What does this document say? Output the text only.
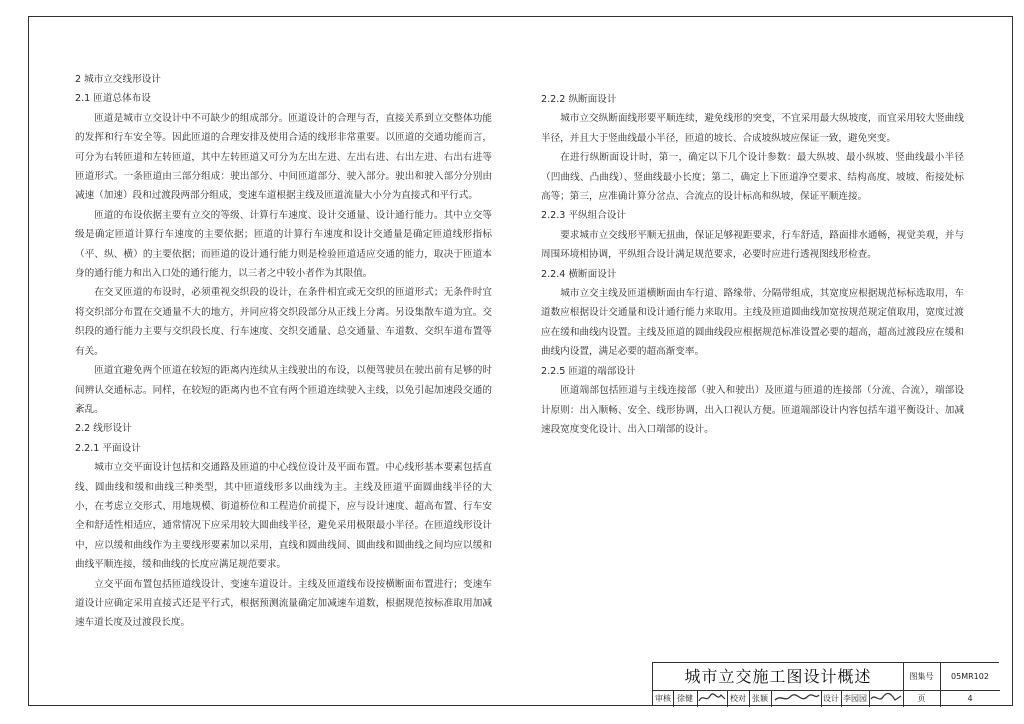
2 城市立交线形设计

2.1 匝道总体布设

匝道是城市立交设计中不可缺少的组成部分。匝道设计的合理与否，直接关系到立交整体功能的发挥和行车安全等。因此匝道的合理安排及使用合适的线形非常重要。以匝道的交通功能而言，可分为右转匝道和左转匝道，其中左转匝道又可分为左出左进、左出右进、右出左进、右出右进等匝道形式。一条匝道由三部分组成：驶出部分、中间匝道部分、驶入部分。驶出和驶入部分分别由减速（加速）段和过渡段两部分组成，变速车道根据主线及匝道流量大小分为直接式和平行式。

匝道的布设依据主要有立交的等级、计算行车速度、设计交通量、设计通行能力。其中立交等级是确定匝道计算行车速度的主要依据；匝道的计算行车速度和设计交通量是确定匝道线形指标（平、纵、横）的主要依据；而匝道的设计通行能力则是检验匝道适应交通的能力，取决于匝道本身的通行能力和出入口处的通行能力，以三者之中较小者作为其限值。

在交叉匝道的布设时，必须重视交织段的设计，在条件相宜或无交织的匝道形式；无条件时宜将交织部分布置在交通量不大的地方，并同应将交织段部分从正线上分离。另设集散车道为宜。交织段的通行能力主要与交织段长度、行车速度、交织交通量、总交通量、车道数、交织车道布置等有关。

匝道宜避免两个匝道在较短的距离内连续从主线驶出的布设，以便驾驶员在驶出前有足够的时间辨认交通标志。同样，在较短的距离内也不宜有两个匝道连续驶入主线，以免引起加速段交通的紊乱。

2.2 线形设计

2.2.1 平面设计

城市立交平面设计包括和交通路及匝道的中心线位设计及平面布置。中心线形基本要素包括直线、圆曲线和缓和曲线三种类型，其中匝道线形多以曲线为主。主线及匝道平面圆曲线半径的大小，在考虑立交形式、用地规模、街道桥位和工程造价前提下，应与设计速度、超高布置、行车安全和舒适性相适应，通常情况下应采用较大圆曲线半径，避免采用极限最小半径。在匝道线形设计中，应以缓和曲线作为主要线形要素加以采用，直线和圆曲线间、圆曲线和圆曲线之间均应以缓和曲线平顺连接，缓和曲线的长度应满足规范要求。

立交平面布置包括匝道线设计、变速车道设计。主线及匝道线布设按横断面布置进行；变速车道设计应确定采用直接式还是平行式，根据预测流量确定加减速车道数，根据规范按标准取用加减速车道长度及过渡段长度。

2.2.2 纵断面设计

城市立交纵断面线形要平顺连续，避免线形的突变，不宜采用最大纵坡度，而宜采用较大竖曲线半径，并且大于竖曲线最小半径，匝道的坡长、合成坡纵坡应保证一致，避免突变。

在进行纵断面设计时，第一，确定以下几个设计参数：最大纵坡、最小纵坡、竖曲线最小半径（凹曲线、凸曲线）、竖曲线最小长度；第二，确定上下匝道净空要求、结构高度、坡坡、衔接处标高等；第三，应准确计算分岔点、合流点的设计标高和纵坡，保证平顺连接。

2.2.3 平纵组合设计

要求城市立交线形平顺无扭曲，保证足够视距要求，行车舒适，路面排水通畅，视觉美观，并与周围环境相协调，平纵组合设计满足规范要求，必要时应进行透视图线形检查。

2.2.4 横断面设计

城市立交主线及匝道横断面由车行道、路缘带、分隔带组成，其宽度应根据规范标标选取用，车道数应根据设计交通量和设计通行能力来取用。主线及匝道圆曲线加宽按规范规定值取用，宽度过渡应在缓和曲线内设置。主线及匝道的圆曲线段应根据规范标准设置必要的超高，超高过渡段应在缓和曲线内设置，满足必要的超高渐变率。

2.2.5 匝道的端部设计

匝道端部包括匝道与主线连接部（驶入和驶出）及匝道与匝道的连接部（分流、合流），端部设计原则：出入顺畅、安全、线形协调，出入口视认方便。匝道端部设计内容包括车道平衡设计、加减速段宽度变化设计、出入口端部的设计。

城市立交施工图设计概述	图集号	05MR102
审核 徐健	校对 张颖	设计 李园园	页	4
